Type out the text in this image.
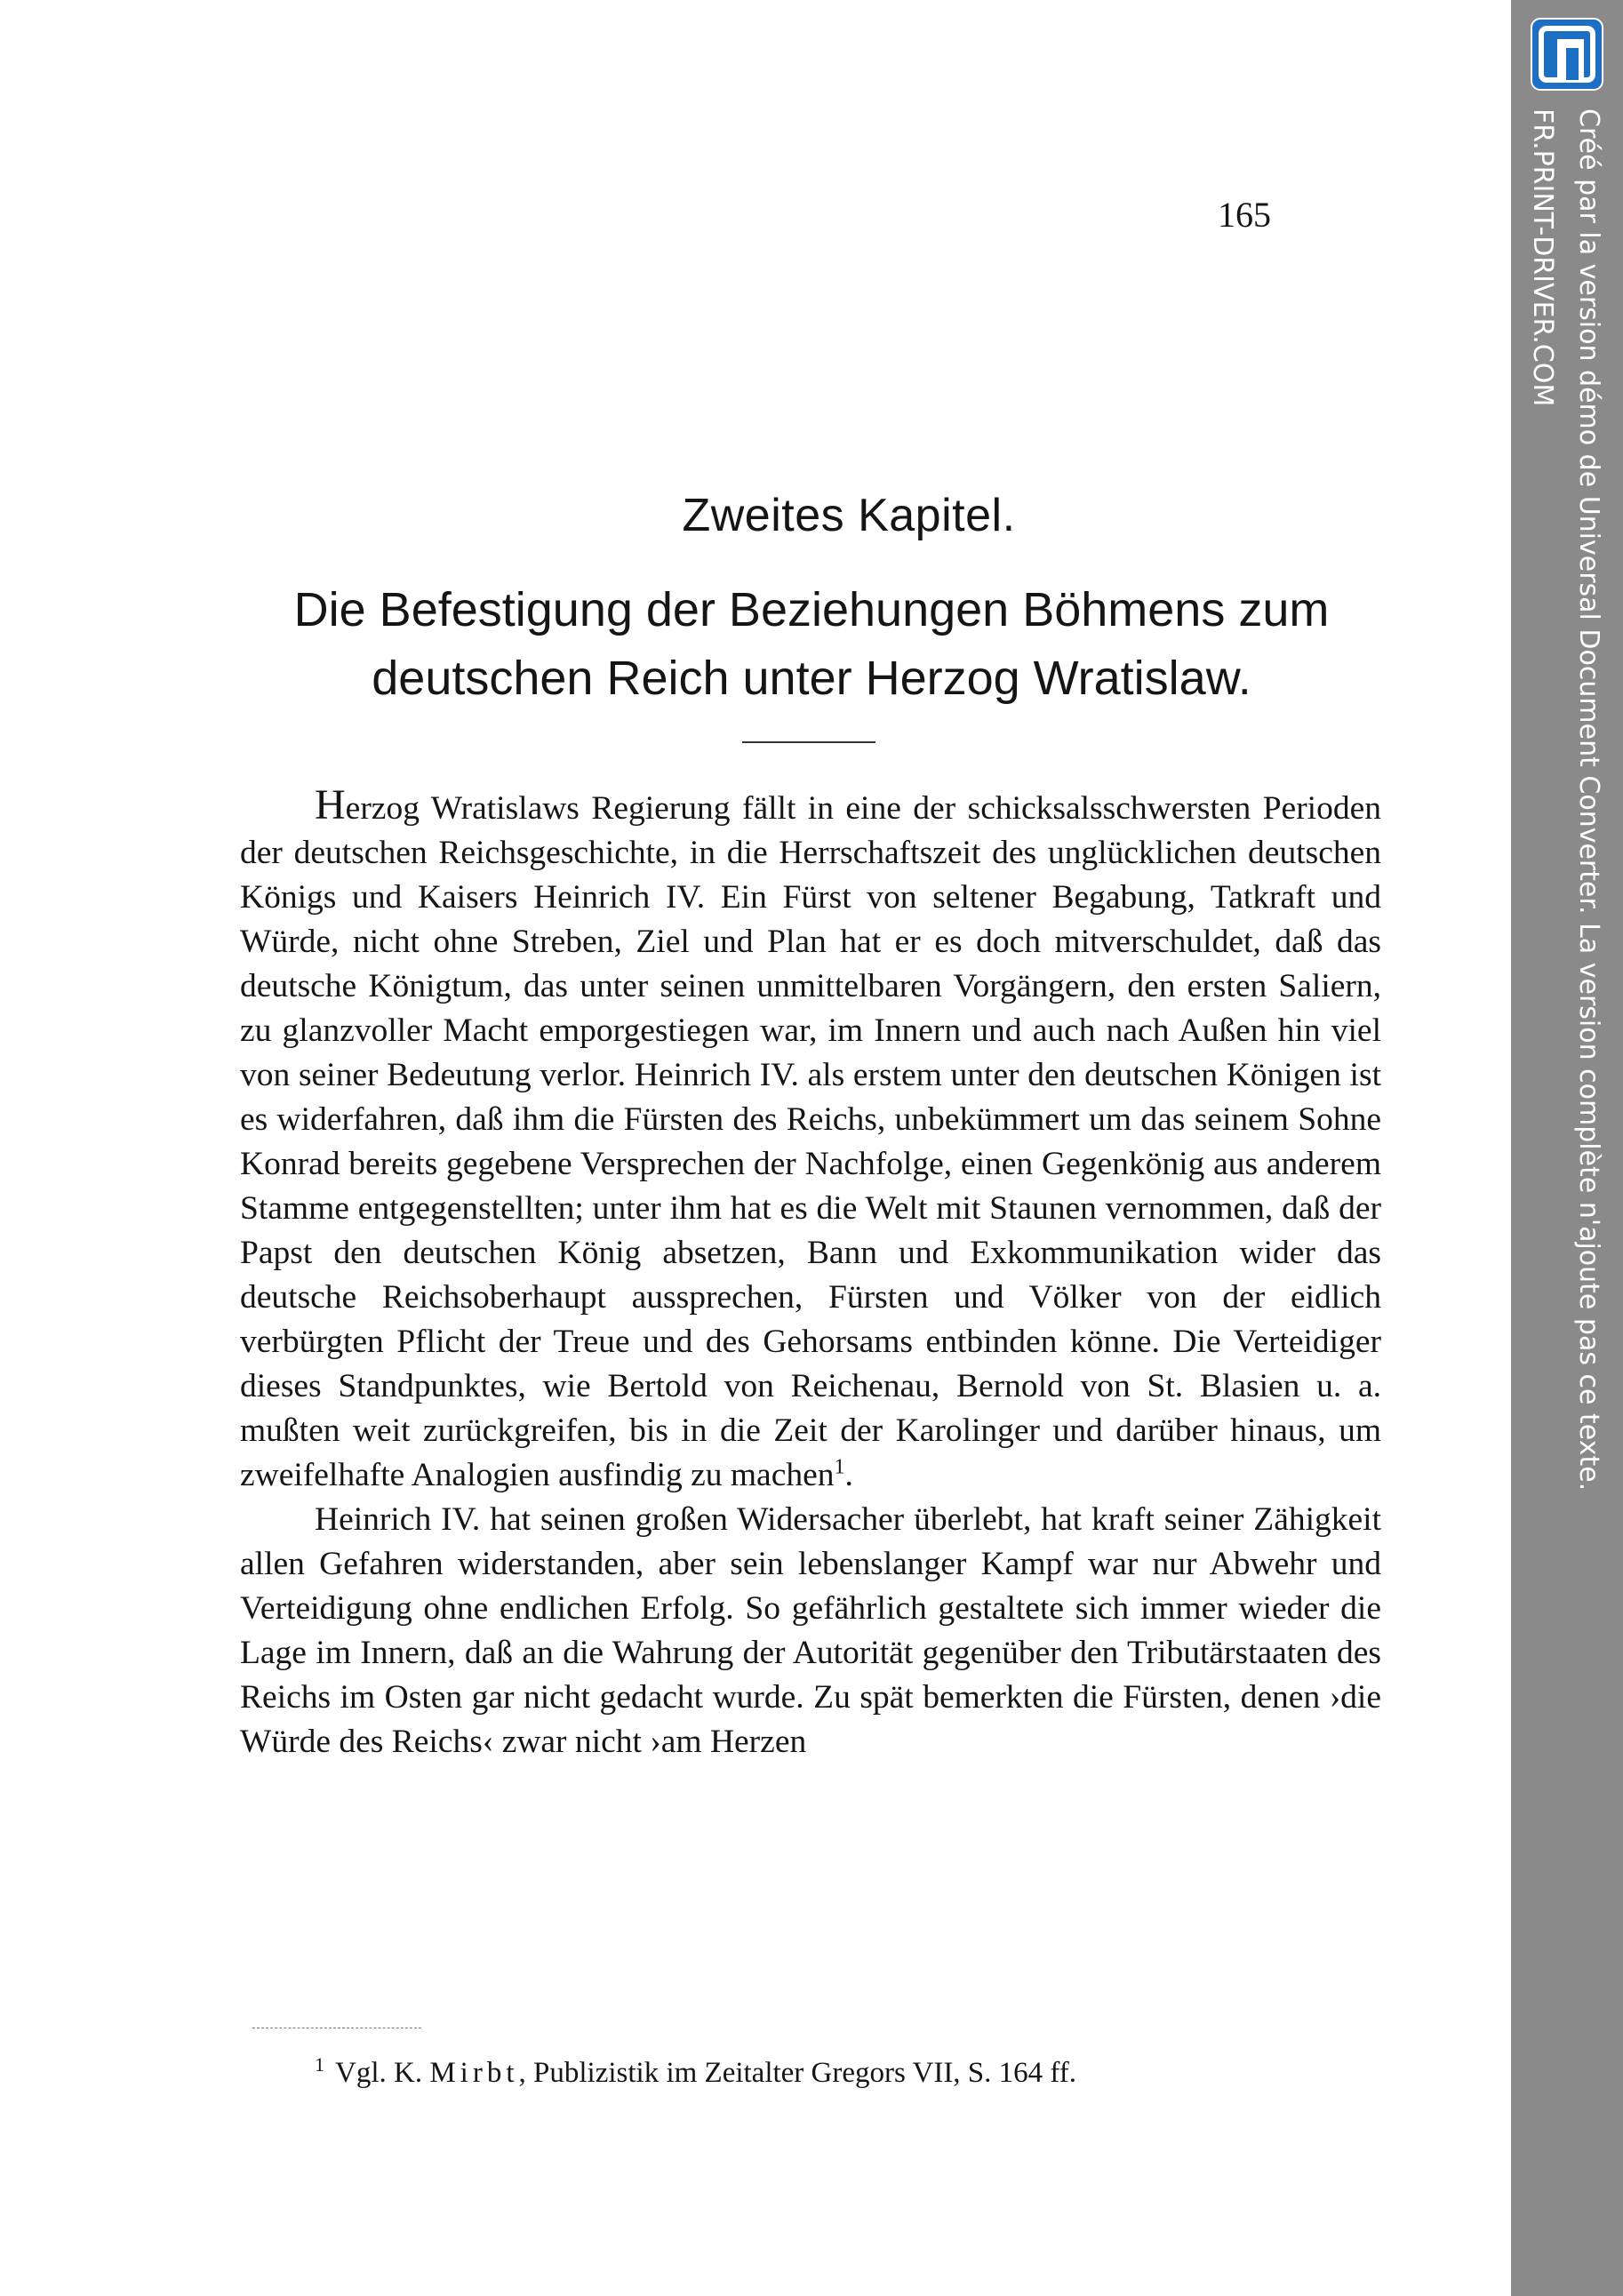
165
Zweites Kapitel.
Die Befestigung der Beziehungen Böhmens zum deutschen Reich unter Herzog Wratislaw.

Herzog Wratislaws Regierung fällt in eine der schicksalsschwersten Perioden der deutschen Reichsgeschichte, in die Herrschaftszeit des unglücklichen deutschen Königs und Kaisers Heinrich IV. Ein Fürst von seltener Begabung, Tatkraft und Würde, nicht ohne Streben, Ziel und Plan hat er es doch mitverschuldet, daß das deutsche Königtum, das unter seinen unmittelbaren Vorgängern, den ersten Saliern, zu glanzvoller Macht emporgestiegen war, im Innern und auch nach Außen hin viel von seiner Bedeutung verlor. Heinrich IV. als erstem unter den deutschen Königen ist es widerfahren, daß ihm die Fürsten des Reichs, unbekümmert um das seinem Sohne Konrad bereits gegebene Versprechen der Nachfolge, einen Gegenkönig aus anderem Stamme entgegenstellten; unter ihm hat es die Welt mit Staunen vernommen, daß der Papst den deutschen König absetzen, Bann und Exkommunikation wider das deutsche Reichsoberhaupt aussprechen, Fürsten und Völker von der eidlich verbürgten Pflicht der Treue und des Gehorsams entbinden könne. Die Verteidiger dieses Standpunktes, wie Bertold von Reichenau, Bernold von St. Blasien u. a. mußten weit zurückgreifen, bis in die Zeit der Karolinger und darüber hinaus, um zweifelhafte Analogien ausfindig zu machen$^1$.

Heinrich IV. hat seinen großen Widersacher überlebt, hat kraft seiner Zähigkeit allen Gefahren widerstanden, aber sein lebenslanger Kampf war nur Abwehr und Verteidigung ohne endlichen Erfolg. So gefährlich gestaltete sich immer wieder die Lage im Innern, daß an die Wahrung der Autorität gegenüber den Tributärstaaten des Reichs im Osten gar nicht gedacht wurde. Zu spät bemerkten die Fürsten, denen ›die Würde des Reichs‹ zwar nicht ›am Herzen

$^1$ Vgl. K. Mirbt, Publizistik im Zeitalter Gregors VII, S. 164 ff.
Créé par la version démo de Universal Document Converter. La version complète n'ajoute pas ce texte.
FR.PRINT-DRIVER.COM
